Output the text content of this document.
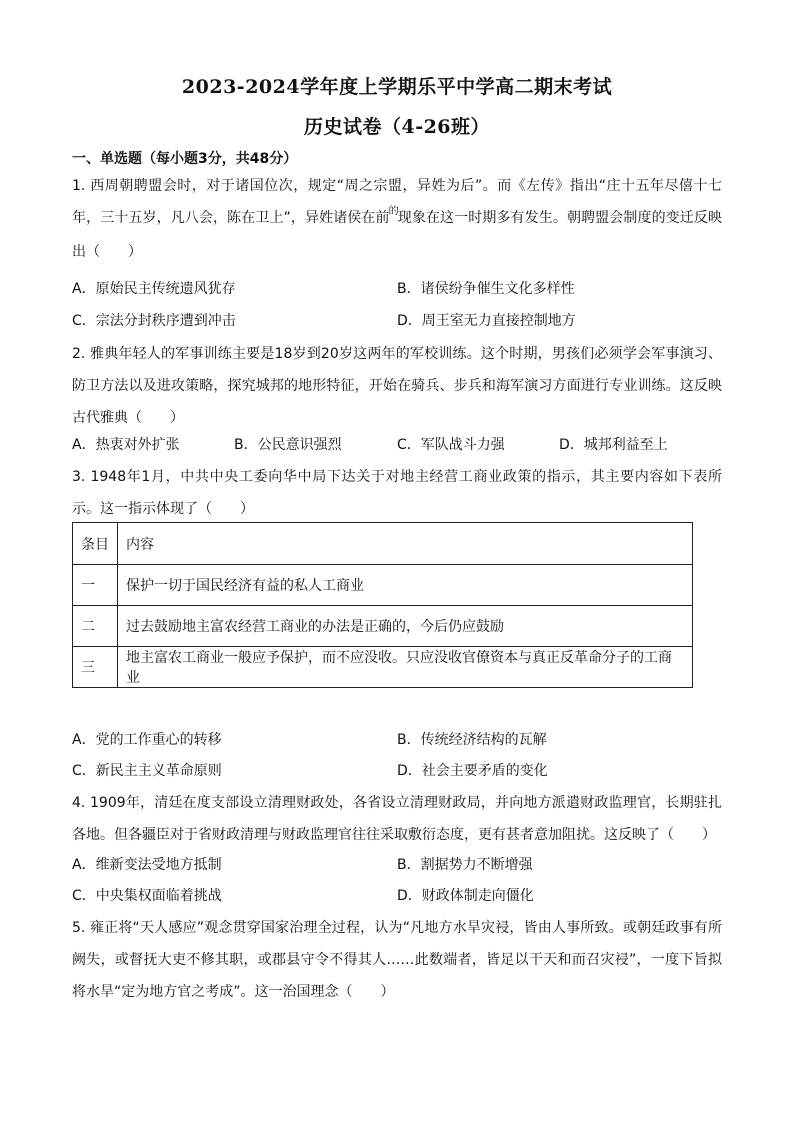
2023-2024学年度上学期乐平中学高二期末考试
历史试卷（4-26班）
一、单选题（每小题3分，共48分）
1. 西周朝聘盟会时，对于诸国位次，规定“周之宗盟，异姓为后”。而《左传》指出“庄十五年尽僖十七年，三十五岁，凡八会，陈在卫上”，异姓诸侯在前$^的$现象在这一时期多有发生。朝聘盟会制度的变迁反映出（　　）
A．原始民主传统遗风犹存	B．诸侯纷争催生文化多样性
C．宗法分封秩序遭到冲击	D．周王室无力直接控制地方
2. 雅典年轻人的军事训练主要是18岁到20岁这两年的军校训练。这个时期，男孩们必须学会军事演习、防卫方法以及进攻策略，探究城邦的地形特征，开始在骑兵、步兵和海军演习方面进行专业训练。这反映古代雅典（　　）
A．热衷对外扩张	B．公民意识强烈	C．军队战斗力强	D．城邦利益至上
3. 1948年1月，中共中央工委向华中局下达关于对地主经营工商业政策的指示，其主要内容如下表所示。这一指示体现了（　　）
条目	内容
一	保护一切于国民经济有益的私人工商业
二	过去鼓励地主富农经营工商业的办法是正确的，今后仍应鼓励
三	地主富农工商业一般应予保护，而不应没收。只应没收官僚资本与真正反革命分子的工商业
A．党的工作重心的转移	B．传统经济结构的瓦解
C．新民主主义革命原则	D．社会主要矛盾的变化
4. 1909年，清廷在度支部设立清理财政处，各省设立清理财政局，并向地方派遣财政监理官，长期驻扎各地。但各疆臣对于省财政清理与财政监理官往往采取敷衍态度，更有甚者意加阻扰。这反映了（　　）
A．维新变法受地方抵制	B．割据势力不断增强
C．中央集权面临着挑战	D．财政体制走向僵化
5. 雍正将“天人感应”观念贯穿国家治理全过程，认为“凡地方水旱灾祲，皆由人事所致。或朝廷政事有所阙失，或督抚大吏不修其职，或郡县守令不得其人……此数端者，皆足以干天和而召灾祲”，一度下旨拟将水旱“定为地方官之考成”。这一治国理念（　　）
